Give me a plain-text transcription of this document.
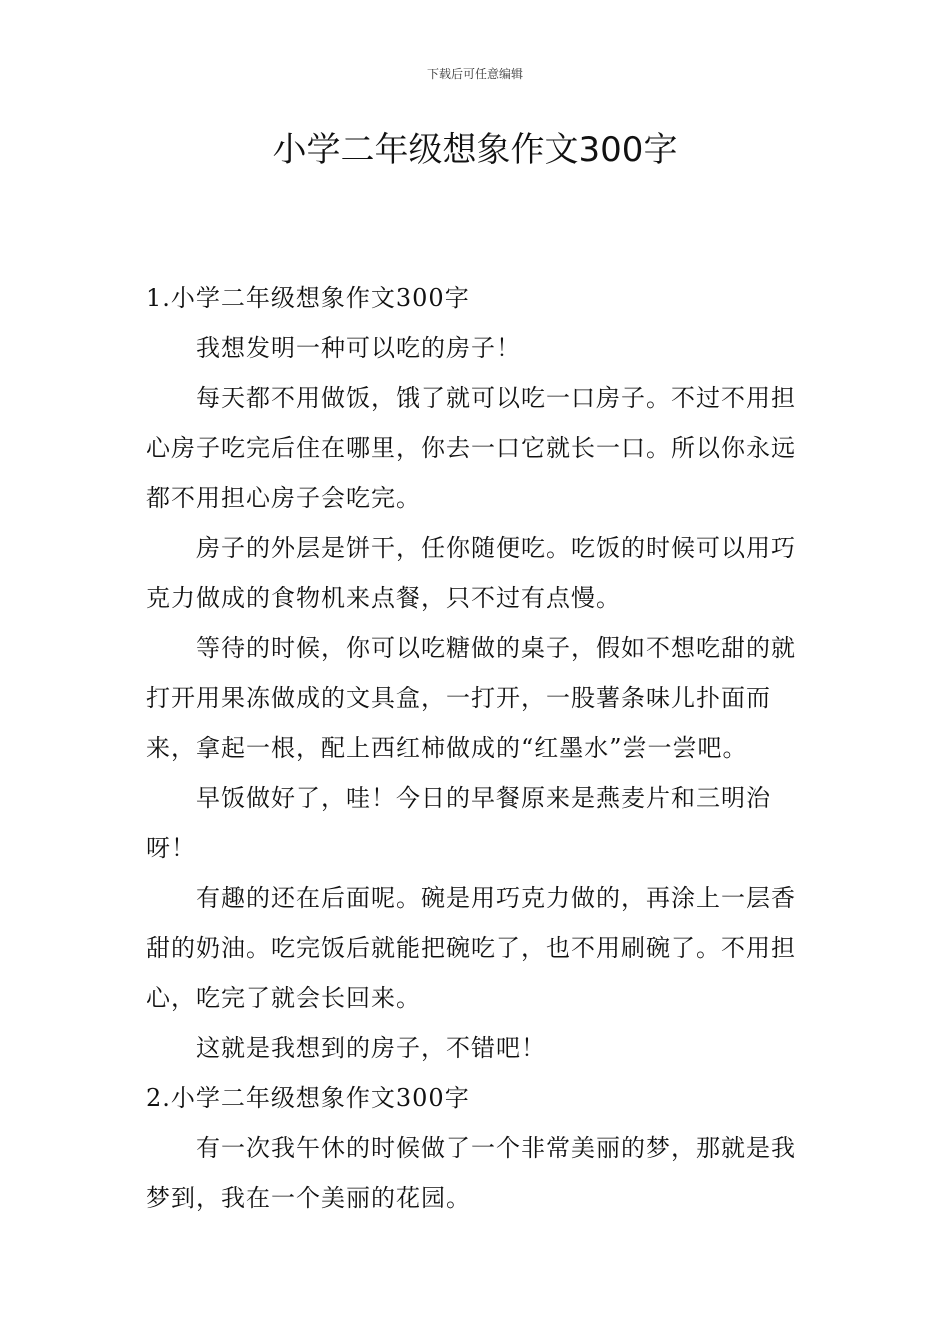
下载后可任意编辑
小学二年级想象作文300字

1.小学二年级想象作文300字

我想发明一种可以吃的房子！

每天都不用做饭，饿了就可以吃一口房子。不过不用担心房子吃完后住在哪里，你去一口它就长一口。所以你永远都不用担心房子会吃完。

房子的外层是饼干，任你随便吃。吃饭的时候可以用巧克力做成的食物机来点餐，只不过有点慢。

等待的时候，你可以吃糖做的桌子，假如不想吃甜的就打开用果冻做成的文具盒，一打开，一股薯条味儿扑面而来，拿起一根，配上西红柿做成的“红墨水”尝一尝吧。

早饭做好了，哇！今日的早餐原来是燕麦片和三明治呀！

有趣的还在后面呢。碗是用巧克力做的，再涂上一层香甜的奶油。吃完饭后就能把碗吃了，也不用刷碗了。不用担心，吃完了就会长回来。

这就是我想到的房子，不错吧！

2.小学二年级想象作文300字

有一次我午休的时候做了一个非常美丽的梦，那就是我梦到，我在一个美丽的花园。
